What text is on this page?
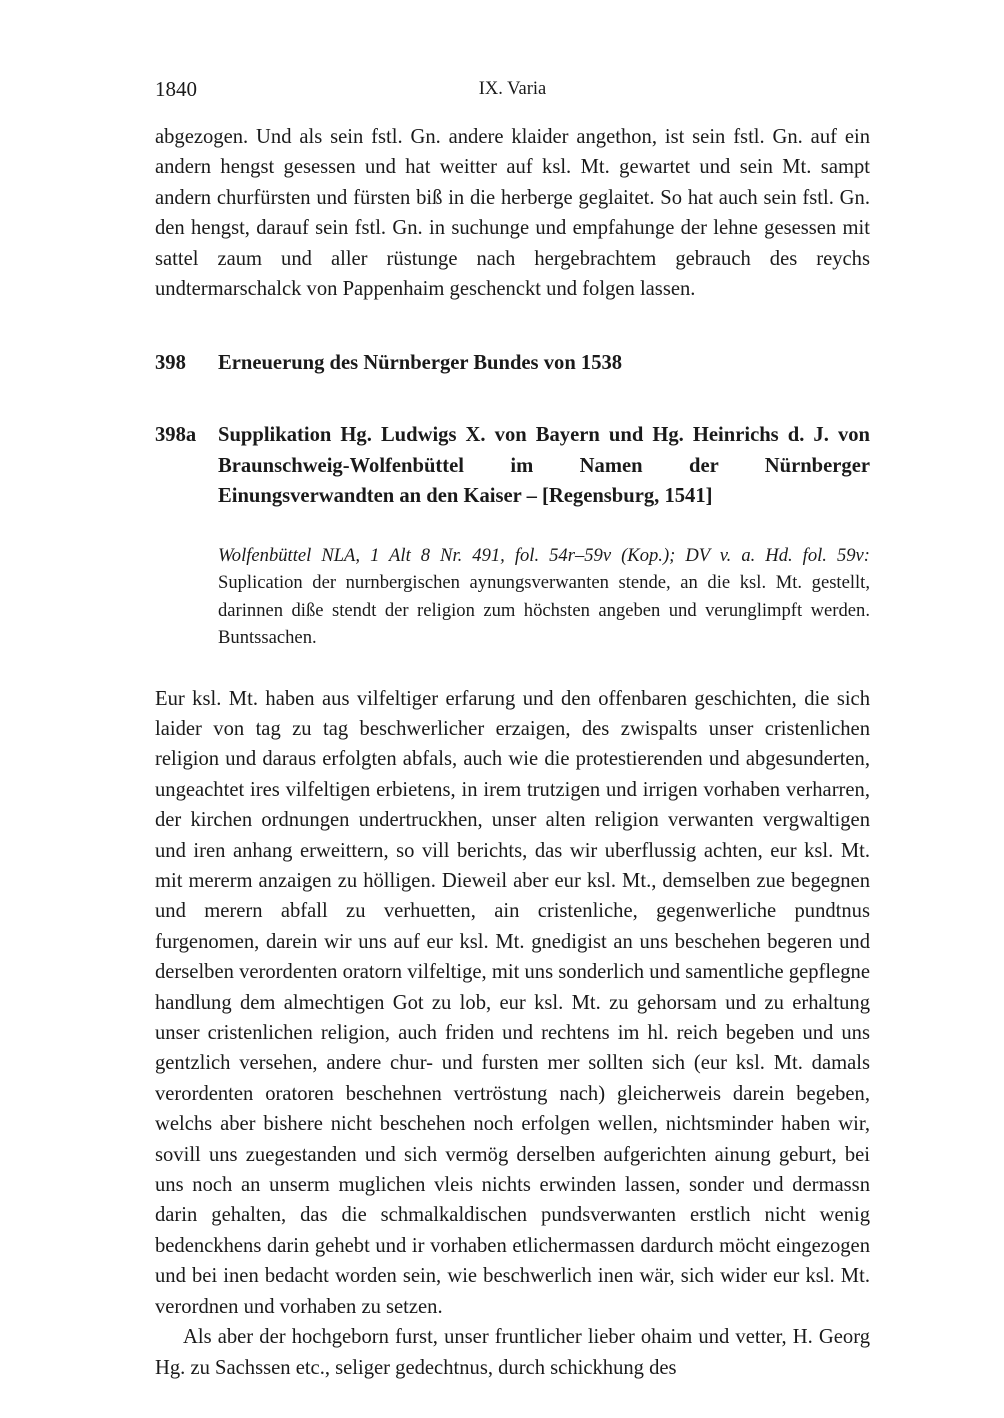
1840	IX. Varia

abgezogen. Und als sein fstl. Gn. andere klaider angethon, ist sein fstl. Gn. auf ein andern hengst gesessen und hat weitter auf ksl. Mt. gewartet und sein Mt. sampt andern churfürsten und fürsten biß in die herberge geglaitet. So hat auch sein fstl. Gn. den hengst, darauf sein fstl. Gn. in suchunge und empfahunge der lehne gesessen mit sattel zaum und aller rüstunge nach hergebrachtem gebrauch des reychs undtermarschalck von Pappenhaim geschenckt und folgen lassen.

398	Erneuerung des Nürnberger Bundes von 1538
398a	Supplikation Hg. Ludwigs X. von Bayern und Hg. Heinrichs d. J. von Braunschweig-Wolfenbüttel im Namen der Nürnberger Einungsverwandten an den Kaiser – [Regensburg, 1541]

Wolfenbüttel NLA, 1 Alt 8 Nr. 491, fol. 54r–59v (Kop.); DV v. a. Hd. fol. 59v: Suplication der nurnbergischen aynungsverwanten stende, an die ksl. Mt. gestellt, darinnen diße stendt der religion zum höchsten angeben und verunglimpft werden. Buntssachen.

Eur ksl. Mt. haben aus vilfeltiger erfarung und den offenbaren geschichten, die sich laider von tag zu tag beschwerlicher erzaigen, des zwispalts unser cristenlichen religion und daraus erfolgten abfals, auch wie die protestierenden und abgesunderten, ungeachtet ires vilfeltigen erbietens, in irem trutzigen und irrigen vorhaben verharren, der kirchen ordnungen undertruckhen, unser alten religion verwanten vergwaltigen und iren anhang erweittern, so vill berichts, das wir uberflussig achten, eur ksl. Mt. mit mererm anzaigen zu hölligen. Dieweil aber eur ksl. Mt., demselben zue begegnen und merern abfall zu verhuetten, ain cristenliche, gegenwerliche pundtnus furgenomen, darein wir uns auf eur ksl. Mt. gnedigist an uns beschehen begeren und derselben verordenten oratorn vilfeltige, mit uns sonderlich und samentliche gepflegne handlung dem almechtigen Got zu lob, eur ksl. Mt. zu gehorsam und zu erhaltung unser cristenlichen religion, auch friden und rechtens im hl. reich begeben und uns gentzlich versehen, andere chur- und fursten mer sollten sich (eur ksl. Mt. damals verordenten oratoren beschehnen vertröstung nach) gleicherweis darein begeben, welchs aber bishere nicht beschehen noch erfolgen wellen, nichtsminder haben wir, sovill uns zuegestanden und sich vermög derselben aufgerichten ainung geburt, bei uns noch an unserm muglichen vleis nichts erwinden lassen, sonder und dermassn darin gehalten, das die schmalkaldischen pundsverwanten erstlich nicht wenig bedenckhens darin gehebt und ir vorhaben etlichermassen dardurch möcht eingezogen und bei inen bedacht worden sein, wie beschwerlich inen wär, sich wider eur ksl. Mt. verordnen und vorhaben zu setzen.

Als aber der hochgeborn furst, unser fruntlicher lieber ohaim und vetter, H. Georg Hg. zu Sachssen etc., seliger gedechtnus, durch schickhung des
